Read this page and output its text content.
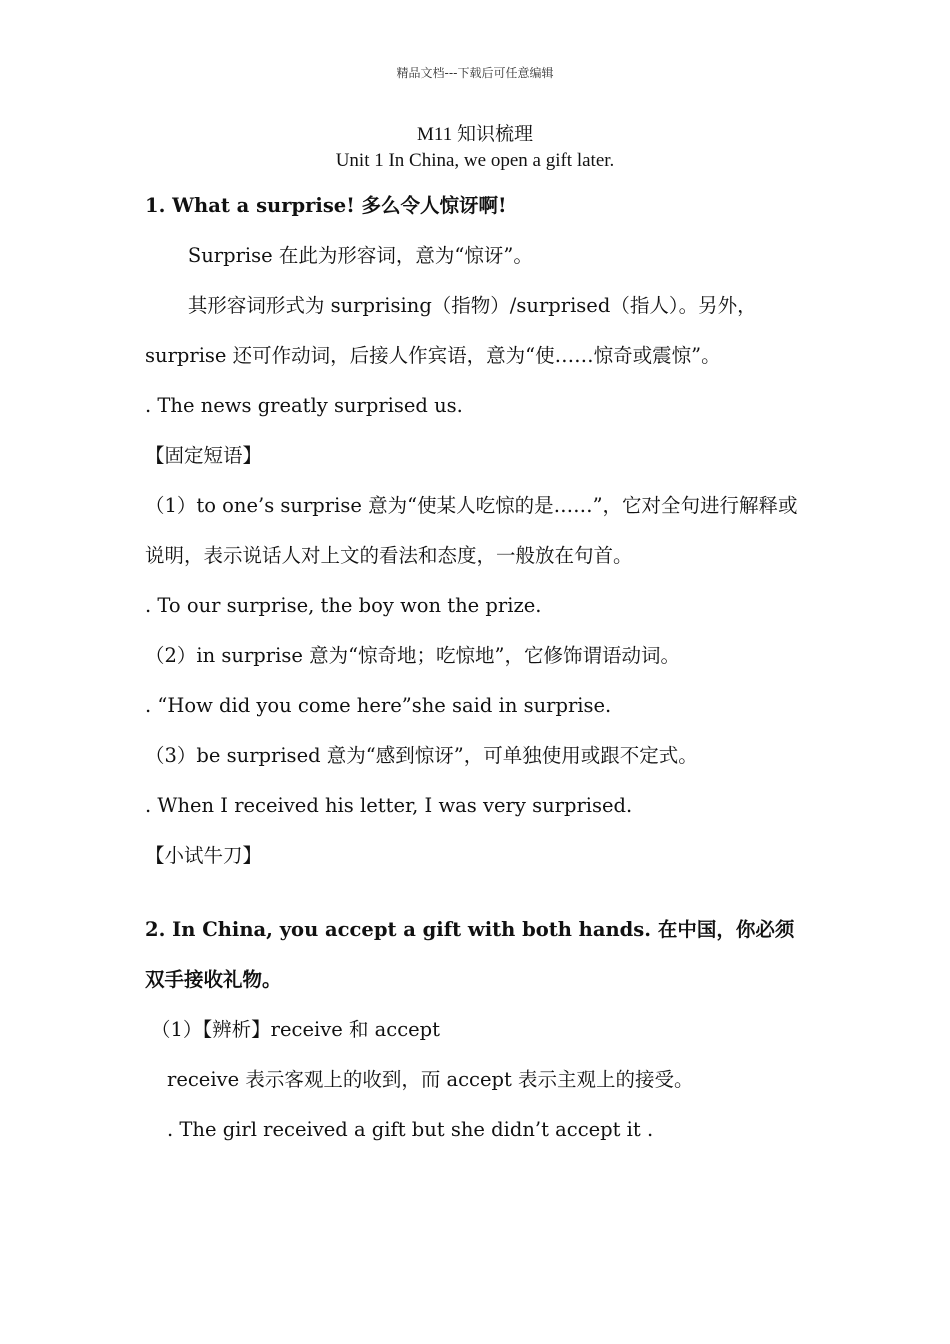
精品文档---下载后可任意编辑
M11 知识梳理
Unit 1 In China, we open a gift later.

1. What a surprise! 多么令人惊讶啊!

Surprise 在此为形容词，意为“惊讶”。

其形容词形式为 surprising（指物）/surprised（指人）。另外，surprise 还可作动词，后接人作宾语，意为“使……惊奇或震惊”。

. The news greatly surprised us.

【固定短语】

（1）to one’s surprise 意为“使某人吃惊的是……”，它对全句进行解释或说明，表示说话人对上文的看法和态度，一般放在句首。

. To our surprise, the boy won the prize.

（2）in surprise 意为“惊奇地；吃惊地”，它修饰谓语动词。

. “How did you come here”she said in surprise.

（3）be surprised 意为“感到惊讶”，可单独使用或跟不定式。

. When I received his letter, I was very surprised.

【小试牛刀】

2. In China, you accept a gift with both hands. 在中国，你必须双手接收礼物。

（1）【辨析】receive 和 accept

receive 表示客观上的收到，而 accept 表示主观上的接受。

. The girl received a gift but she didn’t accept it .
